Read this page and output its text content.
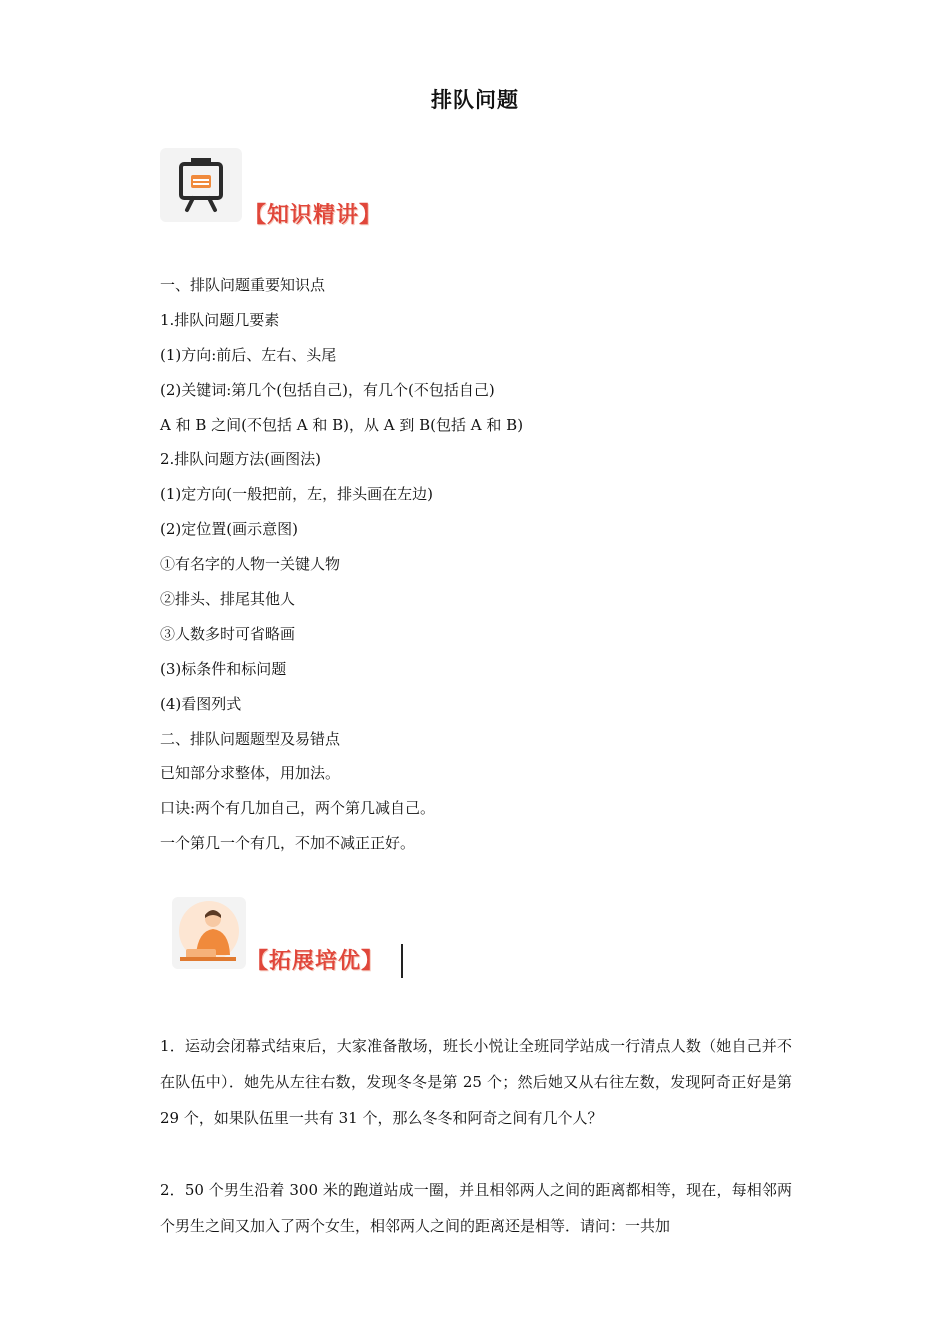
排队问题
【知识精讲】
一、排队问题重要知识点
1.排队问题几要素
(1)方向:前后、左右、头尾
(2)关键词:第几个(包括自己)，有几个(不包括自己)
A 和 B 之间(不包括 A 和 B)，从 A 到 B(包括 A 和 B)
2.排队问题方法(画图法)
(1)定方向(一般把前，左，排头画在左边)
(2)定位置(画示意图)
①有名字的人物一关键人物
②排头、排尾其他人
③人数多时可省略画
(3)标条件和标问题
(4)看图列式
二、排队问题题型及易错点
已知部分求整体，用加法。
口诀:两个有几加自己，两个第几减自己。
一个第几一个有几，不加不减正正好。
【拓展培优】
1．运动会闭幕式结束后，大家准备散场，班长小悦让全班同学站成一行清点人数（她自己并不在队伍中）．她先从左往右数，发现冬冬是第 25 个；然后她又从右往左数，发现阿奇正好是第 29 个，如果队伍里一共有 31 个，那么冬冬和阿奇之间有几个人？
2．50 个男生沿着 300 米的跑道站成一圈，并且相邻两人之间的距离都相等，现在，每相邻两个男生之间又加入了两个女生，相邻两人之间的距离还是相等．请问：一共加
